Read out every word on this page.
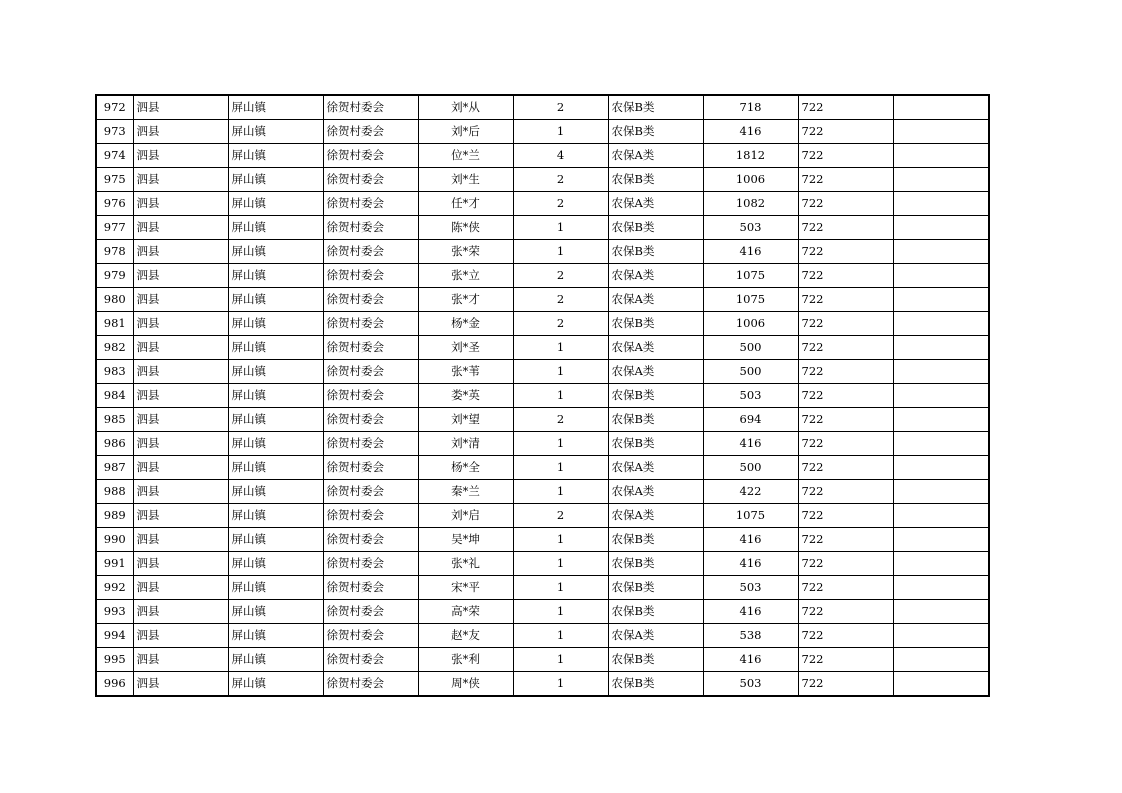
972	泗县	屏山镇	徐贺村委会	刘*从	2	农保B类	718	722	
973	泗县	屏山镇	徐贺村委会	刘*后	1	农保B类	416	722	
974	泗县	屏山镇	徐贺村委会	位*兰	4	农保A类	1812	722	
975	泗县	屏山镇	徐贺村委会	刘*生	2	农保B类	1006	722	
976	泗县	屏山镇	徐贺村委会	任*才	2	农保A类	1082	722	
977	泗县	屏山镇	徐贺村委会	陈*侠	1	农保B类	503	722	
978	泗县	屏山镇	徐贺村委会	张*荣	1	农保B类	416	722	
979	泗县	屏山镇	徐贺村委会	张*立	2	农保A类	1075	722	
980	泗县	屏山镇	徐贺村委会	张*才	2	农保A类	1075	722	
981	泗县	屏山镇	徐贺村委会	杨*金	2	农保B类	1006	722	
982	泗县	屏山镇	徐贺村委会	刘*圣	1	农保A类	500	722	
983	泗县	屏山镇	徐贺村委会	张*苇	1	农保A类	500	722	
984	泗县	屏山镇	徐贺村委会	娄*英	1	农保B类	503	722	
985	泗县	屏山镇	徐贺村委会	刘*望	2	农保B类	694	722	
986	泗县	屏山镇	徐贺村委会	刘*清	1	农保B类	416	722	
987	泗县	屏山镇	徐贺村委会	杨*全	1	农保A类	500	722	
988	泗县	屏山镇	徐贺村委会	秦*兰	1	农保A类	422	722	
989	泗县	屏山镇	徐贺村委会	刘*启	2	农保A类	1075	722	
990	泗县	屏山镇	徐贺村委会	吴*坤	1	农保B类	416	722	
991	泗县	屏山镇	徐贺村委会	张*礼	1	农保B类	416	722	
992	泗县	屏山镇	徐贺村委会	宋*平	1	农保B类	503	722	
993	泗县	屏山镇	徐贺村委会	高*荣	1	农保B类	416	722	
994	泗县	屏山镇	徐贺村委会	赵*友	1	农保A类	538	722	
995	泗县	屏山镇	徐贺村委会	张*利	1	农保B类	416	722	
996	泗县	屏山镇	徐贺村委会	周*侠	1	农保B类	503	722	
